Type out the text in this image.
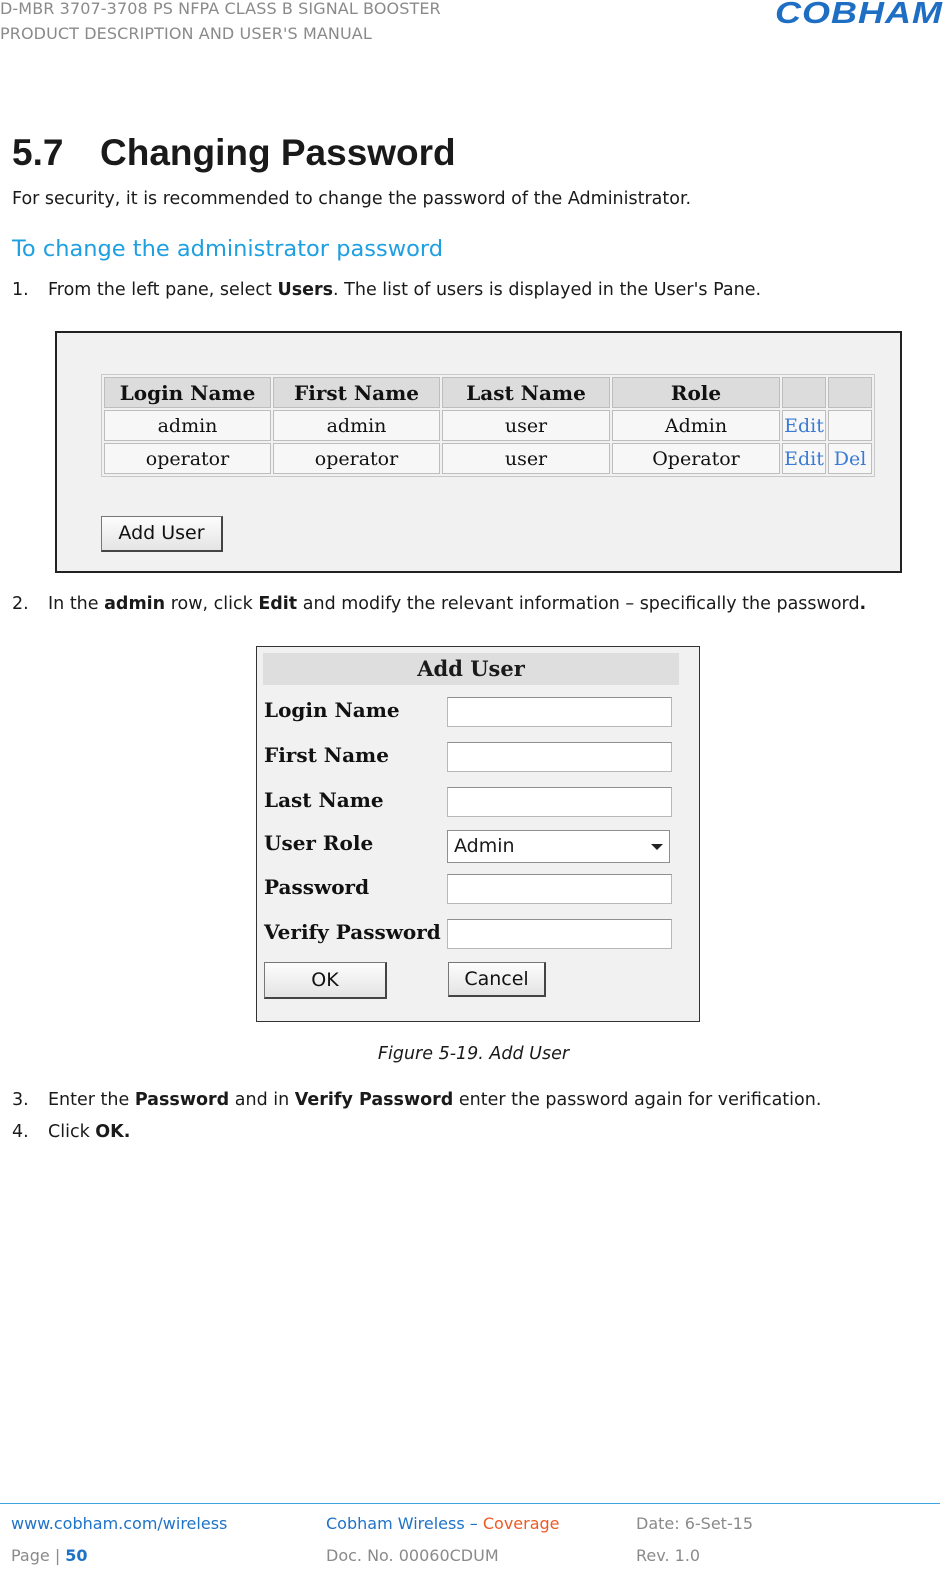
D-MBR 3707-3708 PS NFPA CLASS B SIGNAL BOOSTER
PRODUCT DESCRIPTION AND USER'S MANUAL
COBHAM
5.7 Changing Password
For security, it is recommended to change the password of the Administrator.
To change the administrator password
1. From the left pane, select Users. The list of users is displayed in the User's Pane.
Login Name	First Name	Last Name	Role		
admin	admin	user	Admin	Edit	
operator	operator	user	Operator	Edit	Del
Add User
2. In the admin row, click Edit and modify the relevant information – specifically the password.
Add User
Login Name
First Name
Last Name
User Role	Admin
Password
Verify Password
OK	Cancel
Figure 5-19. Add User
3. Enter the Password and in Verify Password enter the password again for verification.
4. Click OK.
www.cobham.com/wireless	Cobham Wireless – Coverage	Date: 6-Set-15
Page | 50	Doc. No. 00060CDUM	Rev. 1.0
